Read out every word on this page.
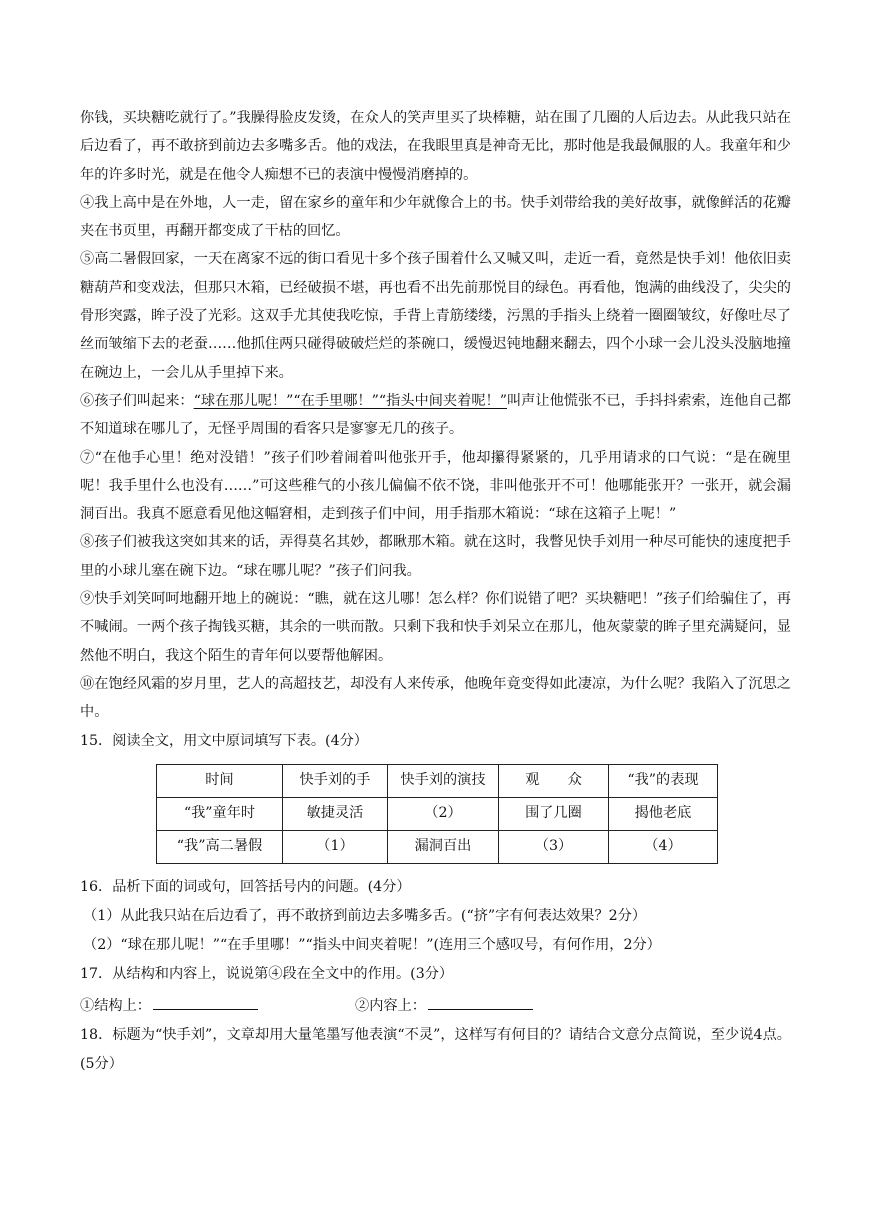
你钱，买块糖吃就行了。”我臊得脸皮发烫，在众人的笑声里买了块棒糖，站在围了几圈的人后边去。从此我只站在后边看了，再不敢挤到前边去多嘴多舌。他的戏法，在我眼里真是神奇无比，那时他是我最佩服的人。我童年和少年的许多时光，就是在他令人痴想不已的表演中慢慢消磨掉的。

④我上高中是在外地，人一走，留在家乡的童年和少年就像合上的书。快手刘带给我的美好故事，就像鲜活的花瓣夹在书页里，再翻开都变成了干枯的回忆。

⑤高二暑假回家，一天在离家不远的街口看见十多个孩子围着什么又喊又叫，走近一看，竟然是快手刘！他依旧卖糖葫芦和变戏法，但那只木箱，已经破损不堪，再也看不出先前那悦目的绿色。再看他，饱满的曲线没了，尖尖的骨形突露，眸子没了光彩。这双手尤其使我吃惊，手背上青筋缕缕，污黑的手指头上绕着一圈圈皱纹，好像吐尽了丝而皱缩下去的老蚕……他抓住两只碰得破破烂烂的茶碗口，缓慢迟钝地翻来翻去，四个小球一会儿没头没脑地撞在碗边上，一会儿从手里掉下来。

⑥孩子们叫起来：“球在那儿呢！”“在手里哪！”“指头中间夹着呢！”叫声让他慌张不已，手抖抖索索，连他自己都不知道球在哪儿了，无怪乎周围的看客只是寥寥无几的孩子。

⑦“在他手心里！绝对没错！”孩子们吵着闹着叫他张开手，他却攥得紧紧的，几乎用请求的口气说：“是在碗里呢！我手里什么也没有……”可这些稚气的小孩儿偏偏不依不饶，非叫他张开不可！他哪能张开？一张开，就会漏洞百出。我真不愿意看见他这幅窘相，走到孩子们中间，用手指那木箱说：“球在这箱子上呢！”

⑧孩子们被我这突如其来的话，弄得莫名其妙，都瞅那木箱。就在这时，我瞥见快手刘用一种尽可能快的速度把手里的小球儿塞在碗下边。“球在哪儿呢？”孩子们问我。

⑨快手刘笑呵呵地翻开地上的碗说：“瞧，就在这儿哪！怎么样？你们说错了吧？买块糖吧！”孩子们给骗住了，再不喊闹。一两个孩子掏钱买糖，其余的一哄而散。只剩下我和快手刘呆立在那儿，他灰蒙蒙的眸子里充满疑问，显然他不明白，我这个陌生的青年何以要帮他解困。

⑩在饱经风霜的岁月里，艺人的高超技艺，却没有人来传承，他晚年竟变得如此凄凉，为什么呢？我陷入了沉思之中。

15．阅读全文，用文中原词填写下表。(4分）

时间	快手刘的手	快手刘的演技	观　　众	“我”的表现
“我”童年时	敏捷灵活	（2）	围了几圈	揭他老底
“我”高二暑假	（1）	漏洞百出	（3）	（4）

16．品析下面的词或句，回答括号内的问题。(4分）

（1）从此我只站在后边看了，再不敢挤到前边去多嘴多舌。(“挤”字有何表达效果？2分）

（2）“球在那儿呢！”“在手里哪！”“指头中间夹着呢！”(连用三个感叹号，有何作用，2分）

17．从结构和内容上，说说第④段在全文中的作用。(3分）

①结构上：	②内容上：

18．标题为“快手刘”，文章却用大量笔墨写他表演“不灵”，这样写有何目的？请结合文意分点简说，至少说4点。(5分）
